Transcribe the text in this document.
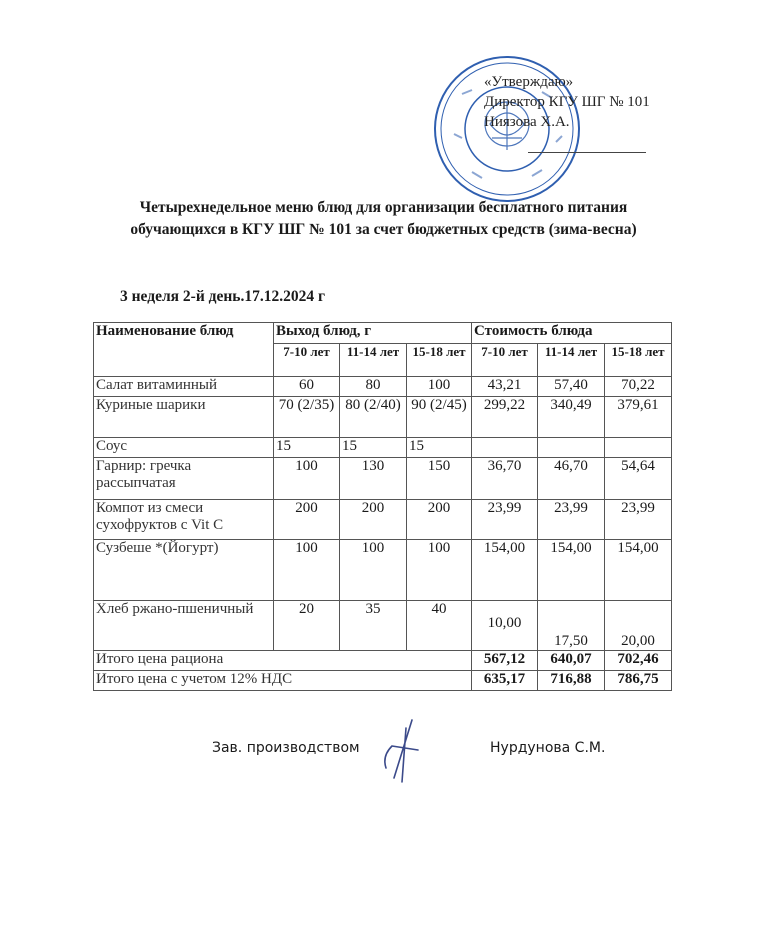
«Утверждаю»
Директор КГУ ШГ № 101
Ниязова Х.А.
Четырехнедельное меню блюд для организации бесплатного питания
обучающихся в КГУ ШГ № 101 за счет бюджетных средств (зима-весна)
3 неделя 2-й день.17.12.2024 г
Наименование блюд	Выход блюд, г			Стоимость блюда		
	7-10 лет	11-14 лет	15-18 лет	7-10 лет	11-14 лет	15-18 лет
Салат витаминный	60	80	100	43,21	57,40	70,22
Куриные шарики	70 (2/35)	80 (2/40)	90 (2/45)	299,22	340,49	379,61
Соус	15	15	15			
Гарнир: гречка рассыпчатая	100	130	150	36,70	46,70	54,64
Компот из смеси сухофруктов с Vit C	200	200	200	23,99	23,99	23,99
Сузбеше *(Йогурт)	100	100	100	154,00	154,00	154,00
Хлеб ржано-пшеничный	20	35	40	10,00	17,50	20,00
Итого цена рациона				567,12	640,07	702,46
Итого цена с учетом 12% НДС				635,17	716,88	786,75
Зав. производством	Нурдунова С.М.
